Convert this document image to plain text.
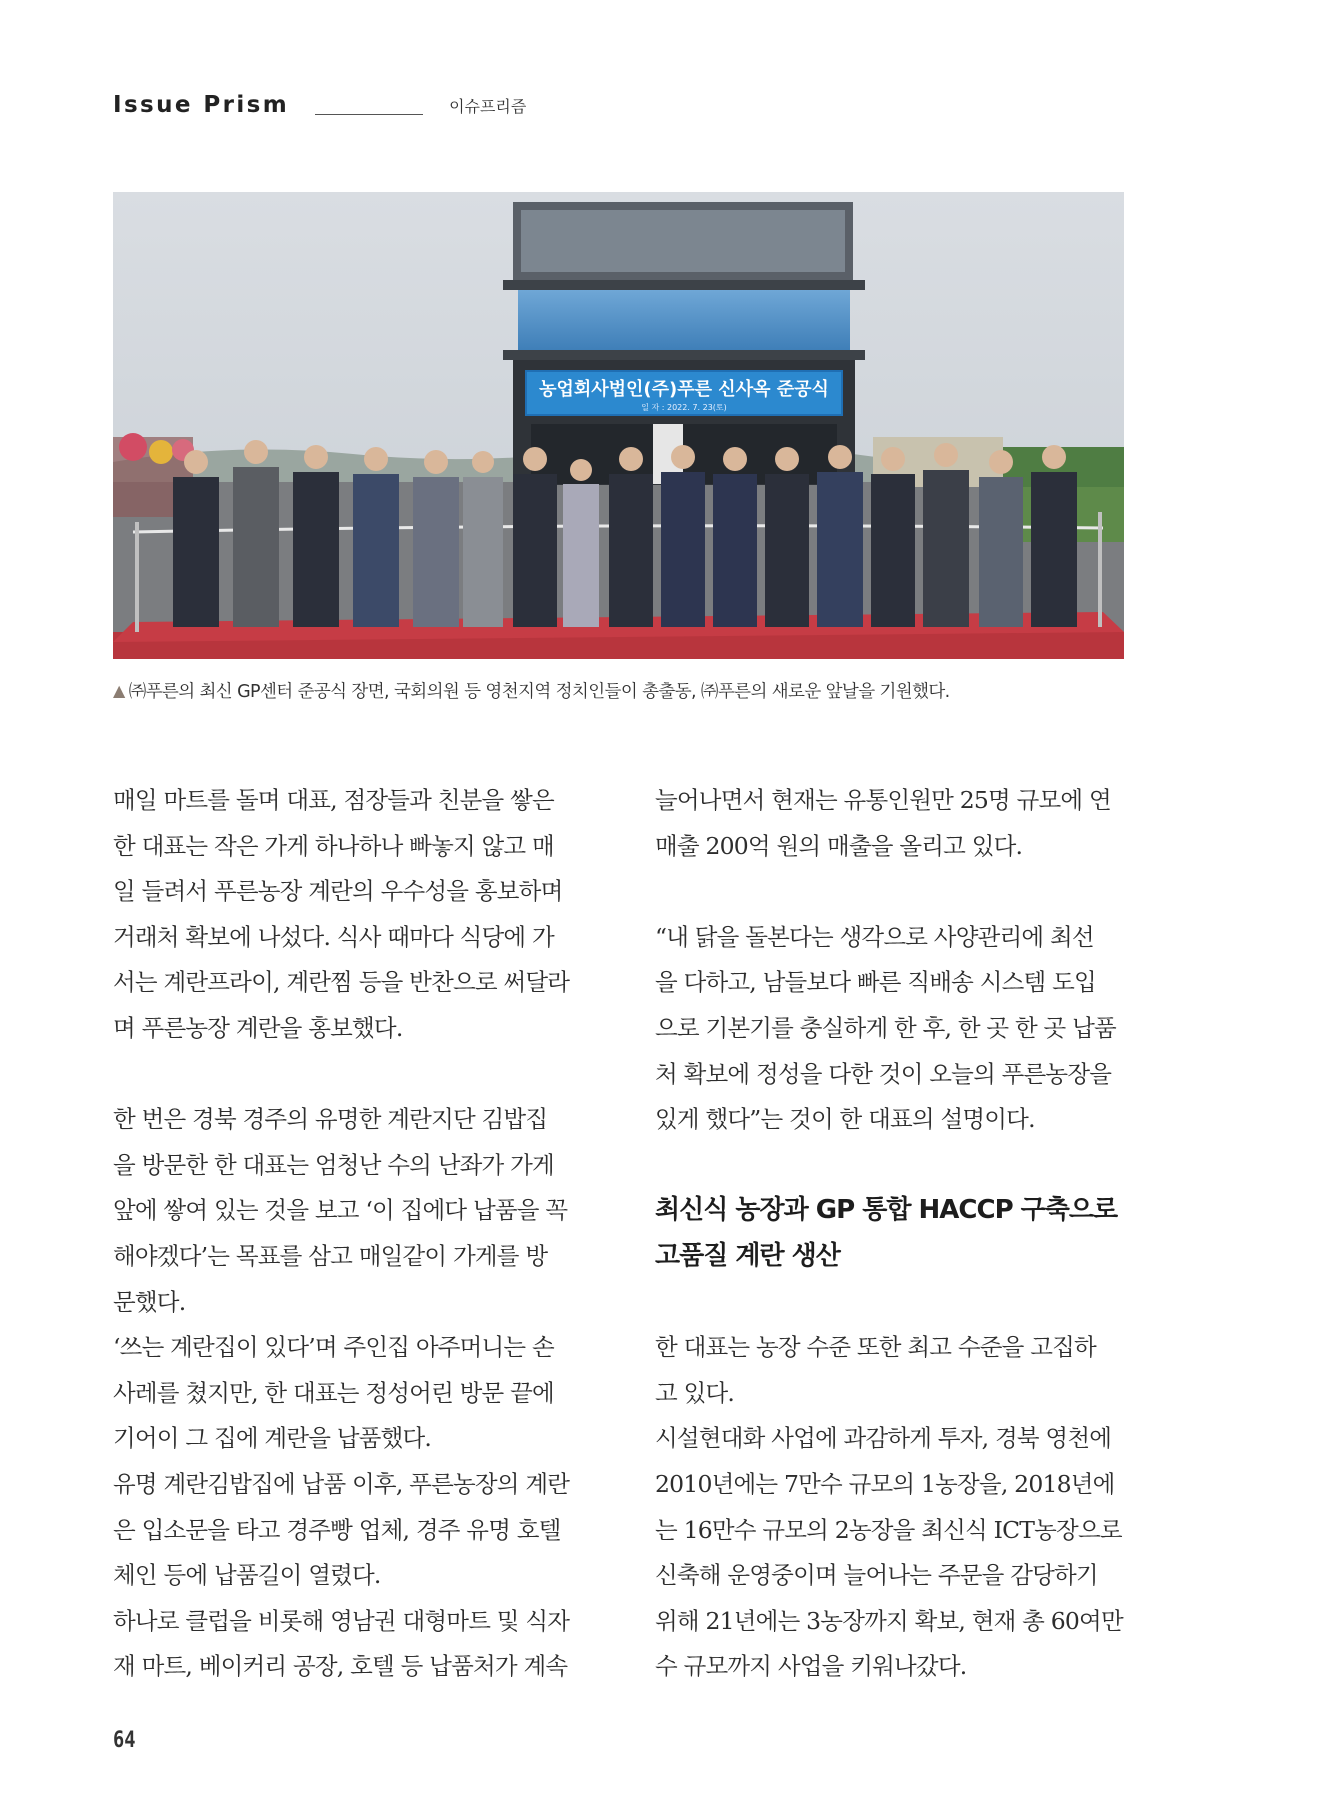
Issue Prism	이슈프리즘
농업회사법인(주)푸른 신사옥 준공식
일 자 : 2022. 7. 23(토)
▲ ㈜푸른의 최신 GP센터 준공식 장면, 국회의원 등 영천지역 정치인들이 총출동, ㈜푸른의 새로운 앞날을 기원했다.
매일 마트를 돌며 대표, 점장들과 친분을 쌓은
한 대표는 작은 가게 하나하나 빠놓지 않고 매
일 들려서 푸른농장 계란의 우수성을 홍보하며
거래처 확보에 나섰다. 식사 때마다 식당에 가
서는 계란프라이, 계란찜 등을 반찬으로 써달라
며 푸른농장 계란을 홍보했다.
한 번은 경북 경주의 유명한 계란지단 김밥집
을 방문한 한 대표는 엄청난 수의 난좌가 가게
앞에 쌓여 있는 것을 보고 ‘이 집에다 납품을 꼭
해야겠다’는 목표를 삼고 매일같이 가게를 방
문했다.
‘쓰는 계란집이 있다’며 주인집 아주머니는 손
사레를 쳤지만, 한 대표는 정성어린 방문 끝에
기어이 그 집에 계란을 납품했다.
유명 계란김밥집에 납품 이후, 푸른농장의 계란
은 입소문을 타고 경주빵 업체, 경주 유명 호텔
체인 등에 납품길이 열렸다.
하나로 클럽을 비롯해 영남권 대형마트 및 식자
재 마트, 베이커리 공장, 호텔 등 납품처가 계속
늘어나면서 현재는 유통인원만 25명 규모에 연
매출 200억 원의 매출을 올리고 있다.
“내 닭을 돌본다는 생각으로 사양관리에 최선
을 다하고, 남들보다 빠른 직배송 시스템 도입
으로 기본기를 충실하게 한 후, 한 곳 한 곳 납품
처 확보에 정성을 다한 것이 오늘의 푸른농장을
있게 했다”는 것이 한 대표의 설명이다.
최신식 농장과 GP 통합 HACCP 구축으로
고품질 계란 생산
한 대표는 농장 수준 또한 최고 수준을 고집하
고 있다.
시설현대화 사업에 과감하게 투자, 경북 영천에
2010년에는 7만수 규모의 1농장을, 2018년에
는 16만수 규모의 2농장을 최신식 ICT농장으로
신축해 운영중이며 늘어나는 주문을 감당하기
위해 21년에는 3농장까지 확보, 현재 총 60여만
수 규모까지 사업을 키워나갔다.
64
